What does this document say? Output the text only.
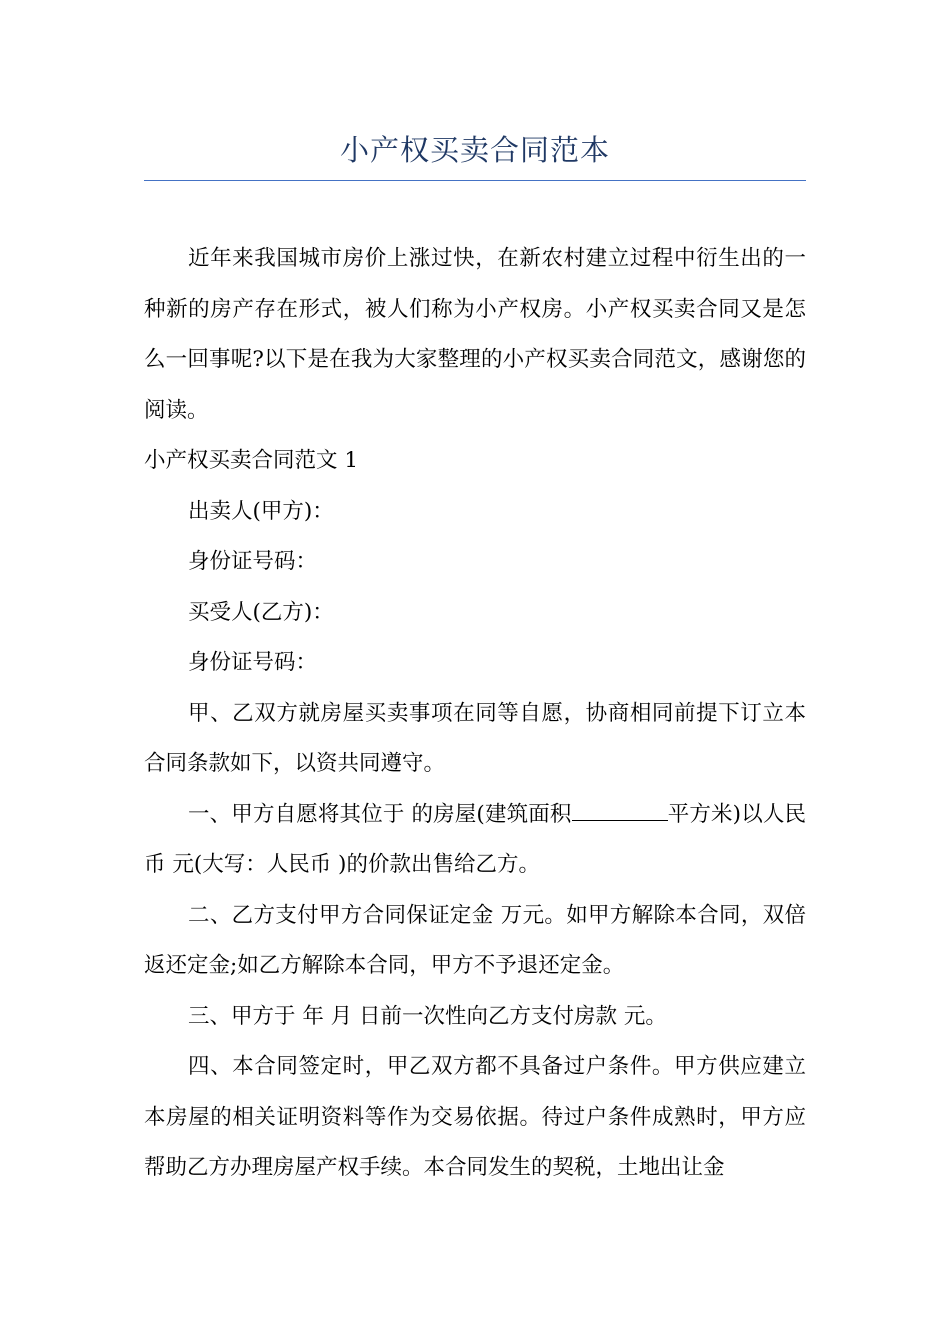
小产权买卖合同范本

近年来我国城市房价上涨过快，在新农村建立过程中衍生出的一种新的房产存在形式，被人们称为小产权房。小产权买卖合同又是怎么一回事呢?以下是在我为大家整理的小产权买卖合同范文，感谢您的阅读。

小产权买卖合同范文 1

出卖人(甲方)：

身份证号码：

买受人(乙方)：

身份证号码：

甲、乙双方就房屋买卖事项在同等自愿，协商相同前提下订立本合同条款如下，以资共同遵守。

一、甲方自愿将其位于 的房屋(建筑面积	平方米)以人民币 元(大写：人民币 )的价款出售给乙方。

二、乙方支付甲方合同保证定金 万元。如甲方解除本合同，双倍返还定金;如乙方解除本合同，甲方不予退还定金。

三、甲方于 年 月 日前一次性向乙方支付房款 元。

四、本合同签定时，甲乙双方都不具备过户条件。甲方供应建立本房屋的相关证明资料等作为交易依据。待过户条件成熟时，甲方应帮助乙方办理房屋产权手续。本合同发生的契税，土地出让金
